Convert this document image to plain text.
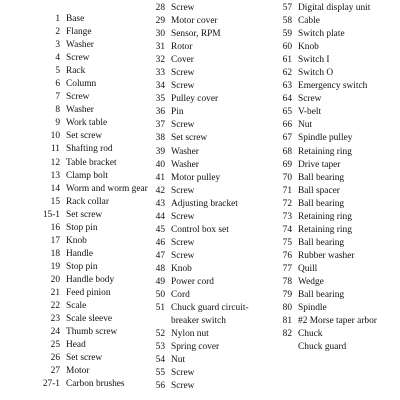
1 Base
2 Flange
3 Washer
4 Screw
5 Rack
6 Column
7 Screw
8 Washer
9 Work table
10 Set screw
11 Shafting rod
12 Table bracket
13 Clamp bolt
14 Worm and worm gear
15 Rack collar
15-1 Set screw
16 Stop pin
17 Knob
18 Handle
19 Stop pin
20 Handle body
21 Feed pinion
22 Scale
23 Scale sleeve
24 Thumb screw
25 Head
26 Set screw
27 Motor
27-1 Carbon brushes
28 Screw
29 Motor cover
30 Sensor, RPM
31 Rotor
32 Cover
33 Screw
34 Screw
35 Pulley cover
36 Pin
37 Screw
38 Set screw
39 Washer
40 Washer
41 Motor pulley
42 Screw
43 Adjusting bracket
44 Screw
45 Control box set
46 Screw
47 Screw
48 Knob
49 Power cord
50 Cord
51 Chuck guard circuit-
breaker switch
52 Nylon nut
53 Spring cover
54 Nut
55 Screw
56 Screw
57 Digital display unit
58 Cable
59 Switch plate
60 Knob
61 Switch I
62 Switch O
63 Emergency switch
64 Screw
65 V-belt
66 Nut
67 Spindle pulley
68 Retaining ring
69 Drive taper
70 Ball bearing
71 Ball spacer
72 Ball bearing
73 Retaining ring
74 Retaining ring
75 Ball bearing
76 Rubber washer
77 Quill
78 Wedge
79 Ball bearing
80 Spindle
81 #2 Morse taper arbor
82 Chuck
Chuck guard
